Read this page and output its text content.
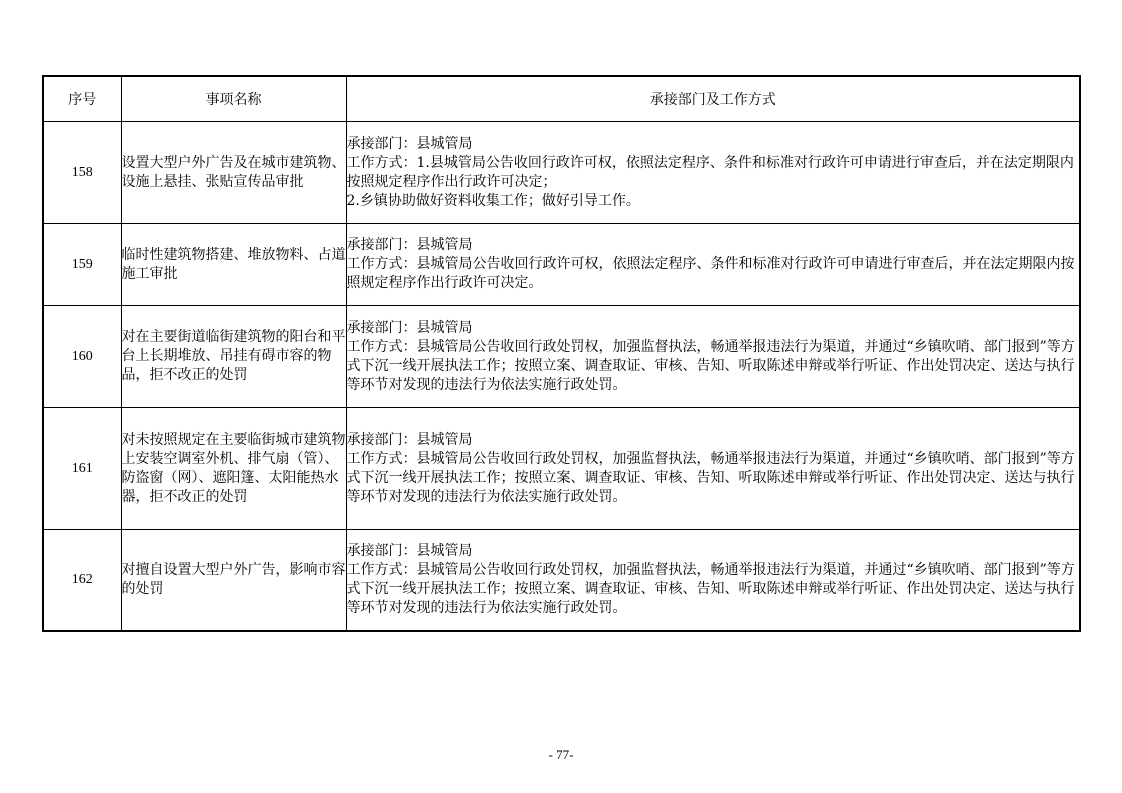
序号	事项名称	承接部门及工作方式
158	设置大型户外广告及在城市建筑物、设施上悬挂、张贴宣传品审批	承接部门：县城管局
工作方式：1.县城管局公告收回行政许可权，依照法定程序、条件和标准对行政许可申请进行审查后，并在法定期限内按照规定程序作出行政许可决定；
2.乡镇协助做好资料收集工作；做好引导工作。

159	临时性建筑物搭建、堆放物料、占道施工审批	承接部门：县城管局
工作方式：县城管局公告收回行政许可权，依照法定程序、条件和标准对行政许可申请进行审查后，并在法定期限内按照规定程序作出行政许可决定。

160	对在主要街道临街建筑物的阳台和平台上长期堆放、吊挂有碍市容的物品，拒不改正的处罚	承接部门：县城管局
工作方式：县城管局公告收回行政处罚权，加强监督执法，畅通举报违法行为渠道，并通过“乡镇吹哨、部门报到”等方式下沉一线开展执法工作；按照立案、调查取证、审核、告知、听取陈述申辩或举行听证、作出处罚决定、送达与执行等环节对发现的违法行为依法实施行政处罚。

161	对未按照规定在主要临街城市建筑物上安装空调室外机、排气扇（管）、防盗窗（网）、遮阳篷、太阳能热水器，拒不改正的处罚	承接部门：县城管局
工作方式：县城管局公告收回行政处罚权，加强监督执法，畅通举报违法行为渠道，并通过“乡镇吹哨、部门报到”等方式下沉一线开展执法工作；按照立案、调查取证、审核、告知、听取陈述申辩或举行听证、作出处罚决定、送达与执行等环节对发现的违法行为依法实施行政处罚。

162	对擅自设置大型户外广告，影响市容的处罚	承接部门：县城管局
工作方式：县城管局公告收回行政处罚权，加强监督执法，畅通举报违法行为渠道，并通过“乡镇吹哨、部门报到”等方式下沉一线开展执法工作；按照立案、调查取证、审核、告知、听取陈述申辩或举行听证、作出处罚决定、送达与执行等环节对发现的违法行为依法实施行政处罚。
- 77-
